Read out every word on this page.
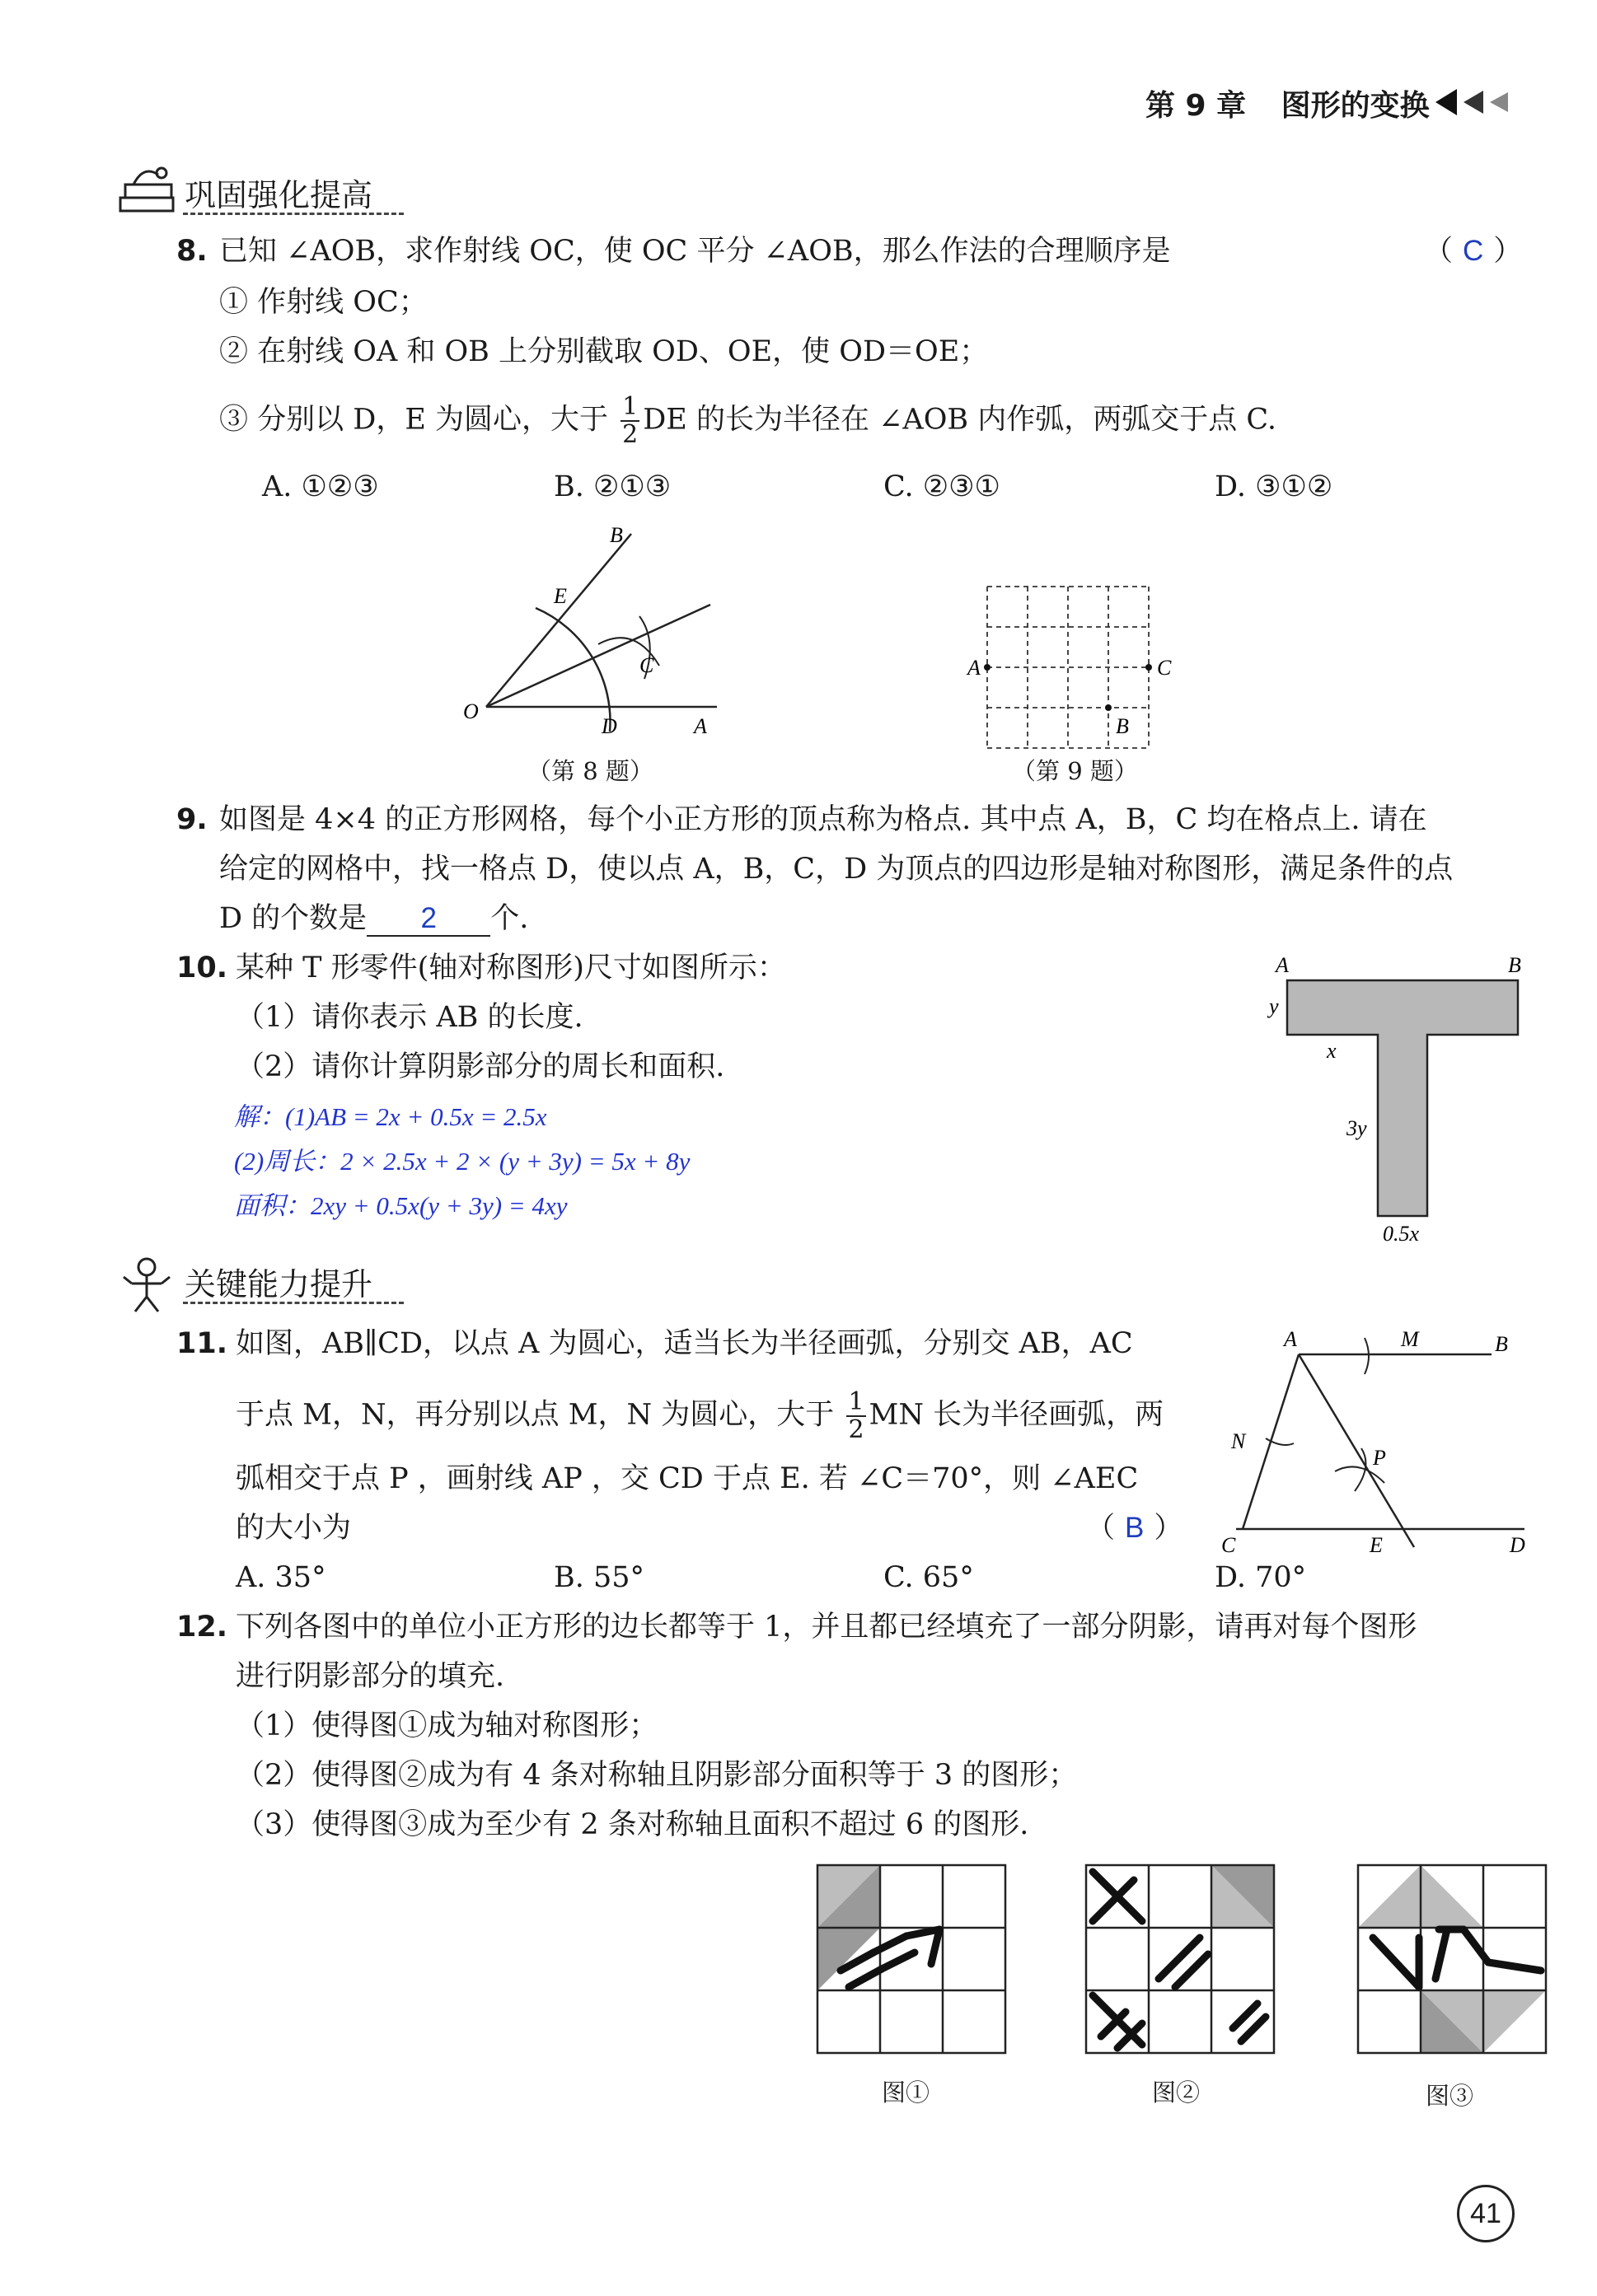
第 9 章 图形的变换
巩固强化提高
8. 已知 ∠AOB，求作射线 OC，使 OC 平分 ∠AOB，那么作法的合理顺序是	（ C ）
① 作射线 OC；
② 在射线 OA 和 OB 上分别截取 OD、OE，使 OD＝OE；
③ 分别以 D，E 为圆心，大于 $\frac{1}{2}$ DE 的长为半径在 ∠AOB 内作弧，两弧交于点 C.
A. ①②③	B. ②①③	C. ②③①	D. ③①②
B
E
C
O
D	A
（第 8 题）
A	C
B
（第 9 题）
9. 如图是 4×4 的正方形网格，每个小正方形的顶点称为格点. 其中点 A，B，C 均在格点上. 请在
给定的网格中，找一格点 D，使以点 A，B，C，D 为顶点的四边形是轴对称图形，满足条件的点
D 的个数是 2 个.
10. 某种 T 形零件(轴对称图形)尺寸如图所示：
（1）请你表示 AB 的长度.
（2）请你计算阴影部分的周长和面积.
解：(1)AB = 2x + 0.5x = 2.5x
(2)周长：2 × 2.5x + 2 × (y + 3y) = 5x + 8y
面积：2xy + 0.5x(y + 3y) = 4xy
A	B
y
x
3y
0.5x
关键能力提升
11. 如图，AB∥CD，以点 A 为圆心，适当长为半径画弧，分别交 AB，AC
于点 M，N，再分别以点 M，N 为圆心，大于 $\frac{1}{2}$ MN 长为半径画弧，两
弧相交于点 P ，画射线 AP ，交 CD 于点 E. 若 ∠C＝70°，则 ∠AEC
的大小为	（ B ）
A. 35°	B. 55°	C. 65°	D. 70°
A	M	B
N
P
C	E	D
12. 下列各图中的单位小正方形的边长都等于 1，并且都已经填充了一部分阴影，请再对每个图形
进行阴影部分的填充.
（1）使得图①成为轴对称图形；
（2）使得图②成为有 4 条对称轴且阴影部分面积等于 3 的图形；
（3）使得图③成为至少有 2 条对称轴且面积不超过 6 的图形.
图①	图②	图③
41
